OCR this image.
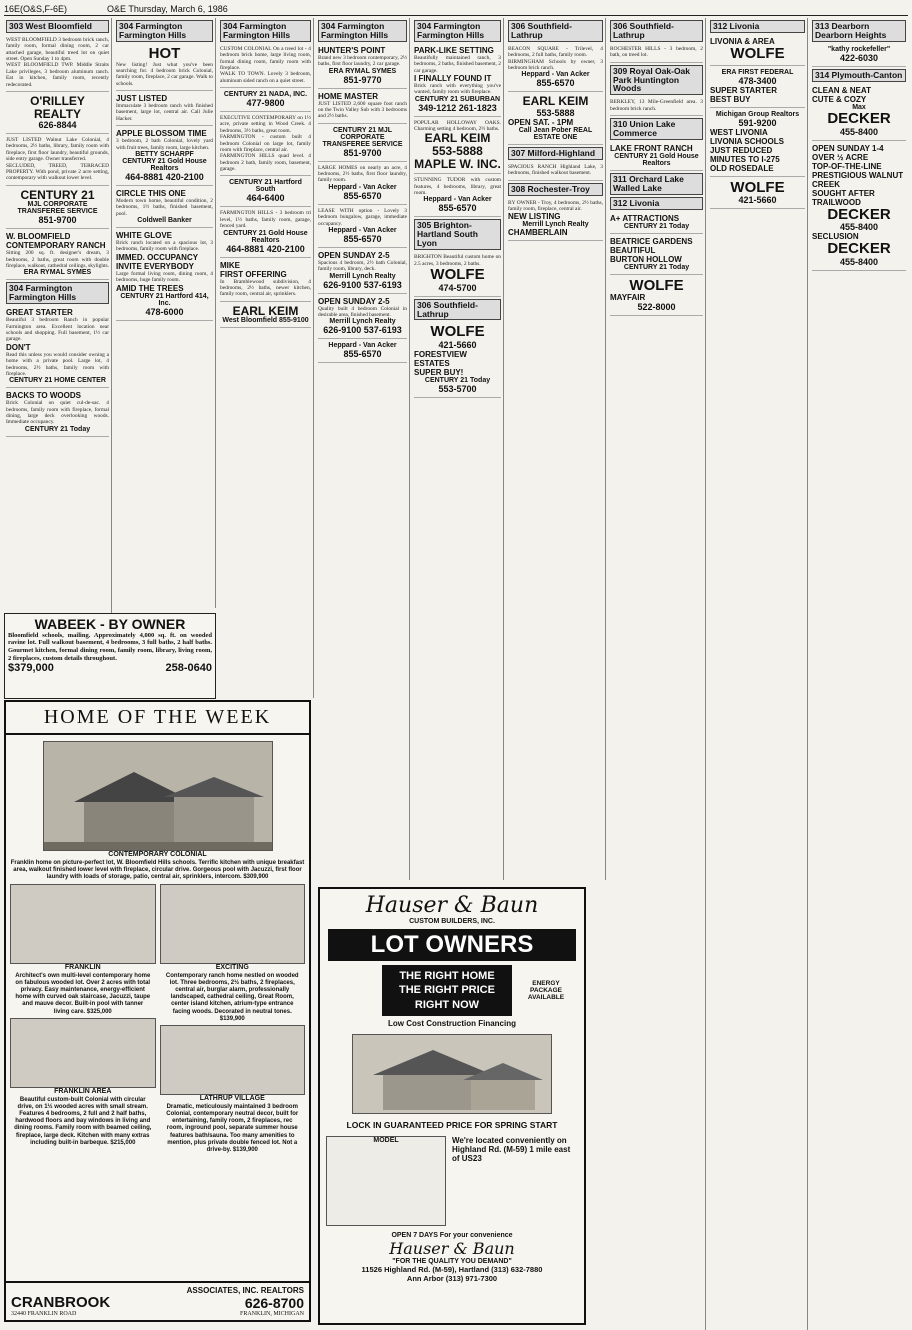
16E(O&S,F-6E)	O&E Thursday, March 6, 1986
303 West Bloomfield
WEST BLOOMFIELD 3 bedroom brick ranch, family room, formal dining room, 2 car attached garage, beautiful treed lot on quiet street. Open Sunday 1 to 4pm.
WEST BLOOMFIELD TWP. Middle Straits Lake privileges, 3 bedroom aluminum ranch. Eat in kitchen, family room, recently redecorated.
O'RILLEY REALTY
626-8844
JUST LISTED Walnut Lake Colonial, 4 bedrooms, 2½ baths, library, family room with fireplace, first floor laundry, beautiful grounds, side entry garage. Owner transferred.
SECLUDED, TREED, TERRACED PROPERTY. With pond, private 2 acre setting, contemporary with walkout lower level.
CENTURY 21
MJL CORPORATE TRANSFEREE SERVICE
851-9700
W. BLOOMFIELD
CONTEMPORARY RANCH
Sitting 200 sq. ft. designer's dream, 3 bedrooms, 2 baths, great room with double fireplace, walkout, cathedral ceilings, skylights.
ERA RYMAL SYMES
304 Farmington Farmington Hills
GREAT STARTER
Beautiful 3 bedroom Ranch in popular Farmington area. Excellent location near schools and shopping. Full basement, 1½ car garage.
DON'T
Read this unless you would consider owning a home with a private pool. Large lot, 4 bedrooms, 2½ baths, family room with fireplace.
CENTURY 21 HOME CENTER
BACKS TO WOODS
Brick Colonial on quiet cul-de-sac. 4 bedrooms, family room with fireplace, formal dining, large deck overlooking woods. Immediate occupancy.
CENTURY 21 Today
304 Farmington Farmington Hills
HOT
New listing! Just what you've been searching for. 4 bedroom brick Colonial, family room, fireplace, 2 car garage. Walk to schools.
JUST LISTED
Immaculate 3 bedroom ranch with finished basement, large lot, central air. Call Julie Hacker.
APPLE BLOSSOM TIME
3 bedroom, 2 bath Colonial, lovely yard with fruit trees, family room, large kitchen.
BETTY SCHARPF
CENTURY 21 Gold House Realtors
464-8881 420-2100
CIRCLE THIS ONE
Modern town home, beautiful condition, 2 bedrooms, 1½ baths, finished basement, pool.
Coldwell Banker
WHITE GLOVE
Brick ranch located on a spacious lot, 3 bedrooms, family room with fireplace.
IMMED. OCCUPANCY
INVITE EVERYBODY
Large formal living room, dining room, 4 bedrooms, huge family room.
AMID THE TREES
CENTURY 21 Hartford 414, Inc.
478-6000
WABEEK - BY OWNER
Bloomfield schools, mailing. Approximately 4,000 sq. ft. on wooded ravine lot. Full walkout basement, 4 bedrooms, 3 full baths, 2 half baths. Gourmet kitchen, formal dining room, family room, library, living room, 2 fireplaces, custom details throughout.
$379,000	258-0640
304 Farmington Farmington Hills
CUSTOM COLONIAL On a treed lot - 4 bedroom brick home, large living room, formal dining room, family room with fireplace.
WALK TO TOWN. Lovely 3 bedroom, aluminum sided ranch on a quiet street.
CENTURY 21 NADA, INC.
477-9800
EXECUTIVE CONTEMPORARY on 1½ acre, private setting in Wood Creek. 4 bedrooms, 3½ baths, great room.
FARMINGTON - custom built 4 bedroom Colonial on large lot, family room with fireplace, central air.
FARMINGTON HILLS quad level. 4 bedroom 2 bath, family room, basement, garage.
CENTURY 21 Hartford South
464-6400
FARMINGTON HILLS - 3 bedroom tri level, 1½ baths, family room, garage, fenced yard.
CENTURY 21 Gold House Realtors
464-8881 420-2100
MIKE
FIRST OFFERING
In Bramblewood subdivision, 4 bedrooms, 2½ baths, newer kitchen, family room, central air, sprinklers.
EARL KEIM
West Bloomfield 855-9100
304 Farmington Farmington Hills
HUNTER'S POINT
Brand new 3 bedroom contemporary, 2½ baths, first floor laundry, 2 car garage.
ERA RYMAL SYMES
851-9770
HOME MASTER
JUST LISTED 2,600 square foot ranch on the Twin Valley Sub with 3 bedrooms and 2½ baths.
CENTURY 21 MJL CORPORATE TRANSFEREE SERVICE
851-9700
LARGE HOMES on nearly an acre, 4 bedrooms, 2½ baths, first floor laundry, family room.
Heppard - Van Acker
855-6570
LEASE WITH option - Lovely 3 bedroom bungalow, garage, immediate occupancy.
Heppard - Van Acker
855-6570
OPEN SUNDAY 2-5
Spacious 4 bedroom, 2½ bath Colonial, family room, library, deck.
Merrill Lynch Realty
626-9100 537-6193
OPEN SUNDAY 2-5
Quality built 4 bedroom Colonial in desirable area, finished basement.
Merrill Lynch Realty
626-9100 537-6193
Heppard - Van Acker
855-6570
304 Farmington Farmington Hills
PARK-LIKE SETTING
Beautifully maintained ranch, 3 bedrooms, 2 baths, finished basement, 2 car garage.
I FINALLY FOUND IT
Brick ranch with everything you've wanted, family room with fireplace.
CENTURY 21 SUBURBAN
349-1212 261-1823
POPULAR HOLLOWAY OAKS. Charming setting 4 bedroom, 2½ baths.
EARL KEIM 553-5888 MAPLE W. INC.
STUNNING TUDOR with custom features, 4 bedrooms, library, great room.
Heppard - Van Acker
855-6570
305 Brighton-Hartland South Lyon
BRIGHTON Beautiful custom home on 2.5 acres, 3 bedrooms, 2 baths.
WOLFE
474-5700
306 Southfield-Lathrup
WOLFE
421-5660
FORESTVIEW ESTATES
SUPER BUY!
CENTURY 21 Today
553-5700
306 Southfield-Lathrup
BEACON SQUARE - Trilevel, 4 bedrooms, 2 full baths, family room.
BIRMINGHAM Schools by owner, 3 bedroom brick ranch.
Heppard - Van Acker
855-6570
EARL KEIM
553-5888
OPEN SAT. - 1PM
Call Jean Pober REAL ESTATE ONE
307 Milford-Highland
SPACIOUS RANCH Highland Lake, 3 bedrooms, finished walkout basement.
308 Rochester-Troy
BY OWNER - Troy, 4 bedrooms, 2½ baths, family room, fireplace, central air.
NEW LISTING
Merrill Lynch Realty
CHAMBERLAIN
306 Southfield-Lathrup
ROCHESTER HILLS - 3 bedroom, 2 bath, on treed lot.
309 Royal Oak-Oak Park Huntington Woods
BERKLEY, 13 Mile-Greenfield area. 3 bedroom brick ranch.
310 Union Lake Commerce
LAKE FRONT RANCH
CENTURY 21 Gold House Realtors
311 Orchard Lake Walled Lake
312 Livonia
A+ ATTRACTIONS
CENTURY 21 Today
BEATRICE GARDENS
BEAUTIFUL
BURTON HOLLOW
CENTURY 21 Today
WOLFE
MAYFAIR
522-8000
312 Livonia
LIVONIA & AREA
WOLFE
ERA FIRST FEDERAL
478-3400
SUPER STARTER
BEST BUY
Michigan Group Realtors
591-9200
WEST LIVONIA
LIVONIA SCHOOLS
JUST REDUCED
MINUTES TO I-275
OLD ROSEDALE
WOLFE
421-5660
313 Dearborn Dearborn Heights
"kathy rockefeller"
422-6030
314 Plymouth-Canton
CLEAN & NEAT
CUTE & COZY
Max
DECKER
455-8400
OPEN SUNDAY 1-4
OVER ½ ACRE
TOP-OF-THE-LINE
PRESTIGIOUS WALNUT CREEK
SOUGHT AFTER TRAILWOOD
DECKER
455-8400
SECLUSION
DECKER
455-8400
HOME OF THE WEEK
CONTEMPORARY COLONIAL
Franklin home on picture-perfect lot, W. Bloomfield Hills schools. Terrific kitchen with unique breakfast area, walkout finished lower level with fireplace, circular drive. Gorgeous pool with Jacuzzi, first floor laundry with loads of storage, patio, central air, sprinklers, intercom. $309,900
FRANKLIN
Architect's own multi-level contemporary home on fabulous wooded lot. Over 2 acres with total privacy. Easy maintenance, energy-efficient home with curved oak staircase, Jacuzzi, taupe and mauve decor. Built-in pool with tanner living care. $325,000
FRANKLIN AREA
Beautiful custom-built Colonial with circular drive, on 1½ wooded acres with small stream. Features 4 bedrooms, 2 full and 2 half baths, hardwood floors and bay windows in living and dining rooms. Family room with beamed ceiling, fireplace, large deck. Kitchen with many extras including built-in barbeque. $215,000
EXCITING
Contemporary ranch home nestled on wooded lot. Three bedrooms, 2½ baths, 2 fireplaces, central air, burglar alarm, professionally landscaped, cathedral ceiling, Great Room, center island kitchen, atrium-type entrance facing woods. Decorated in neutral tones. $139,900
LATHRUP VILLAGE
Dramatic, meticulously maintained 3 bedroom Colonial, contemporary neutral decor, built for entertaining, family room, 2 fireplaces, rec room, inground pool, separate summer house features bath/sauna. Too many amenities to mention, plus private double fenced lot. Not a drive-by. $139,900
CRANBROOK
32440 FRANKLIN ROAD
ASSOCIATES, INC. REALTORS
626-8700
FRANKLIN, MICHIGAN
Hauser & Baun
CUSTOM BUILDERS, INC.
LOT OWNERS

THE RIGHT HOME
THE RIGHT PRICE
RIGHT NOW
ENERGY PACKAGE AVAILABLE
Low Cost Construction Financing
LOCK IN GUARANTEED PRICE FOR SPRING START
MODEL	We're located conveniently on Highland Rd. (M-59) 1 mile east of US23
OPEN 7 DAYS For your convenience
Hauser & Baun
"FOR THE QUALITY YOU DEMAND"
11526 Highland Rd. (M-59), Hartland (313) 632-7880
Ann Arbor (313) 971-7300
